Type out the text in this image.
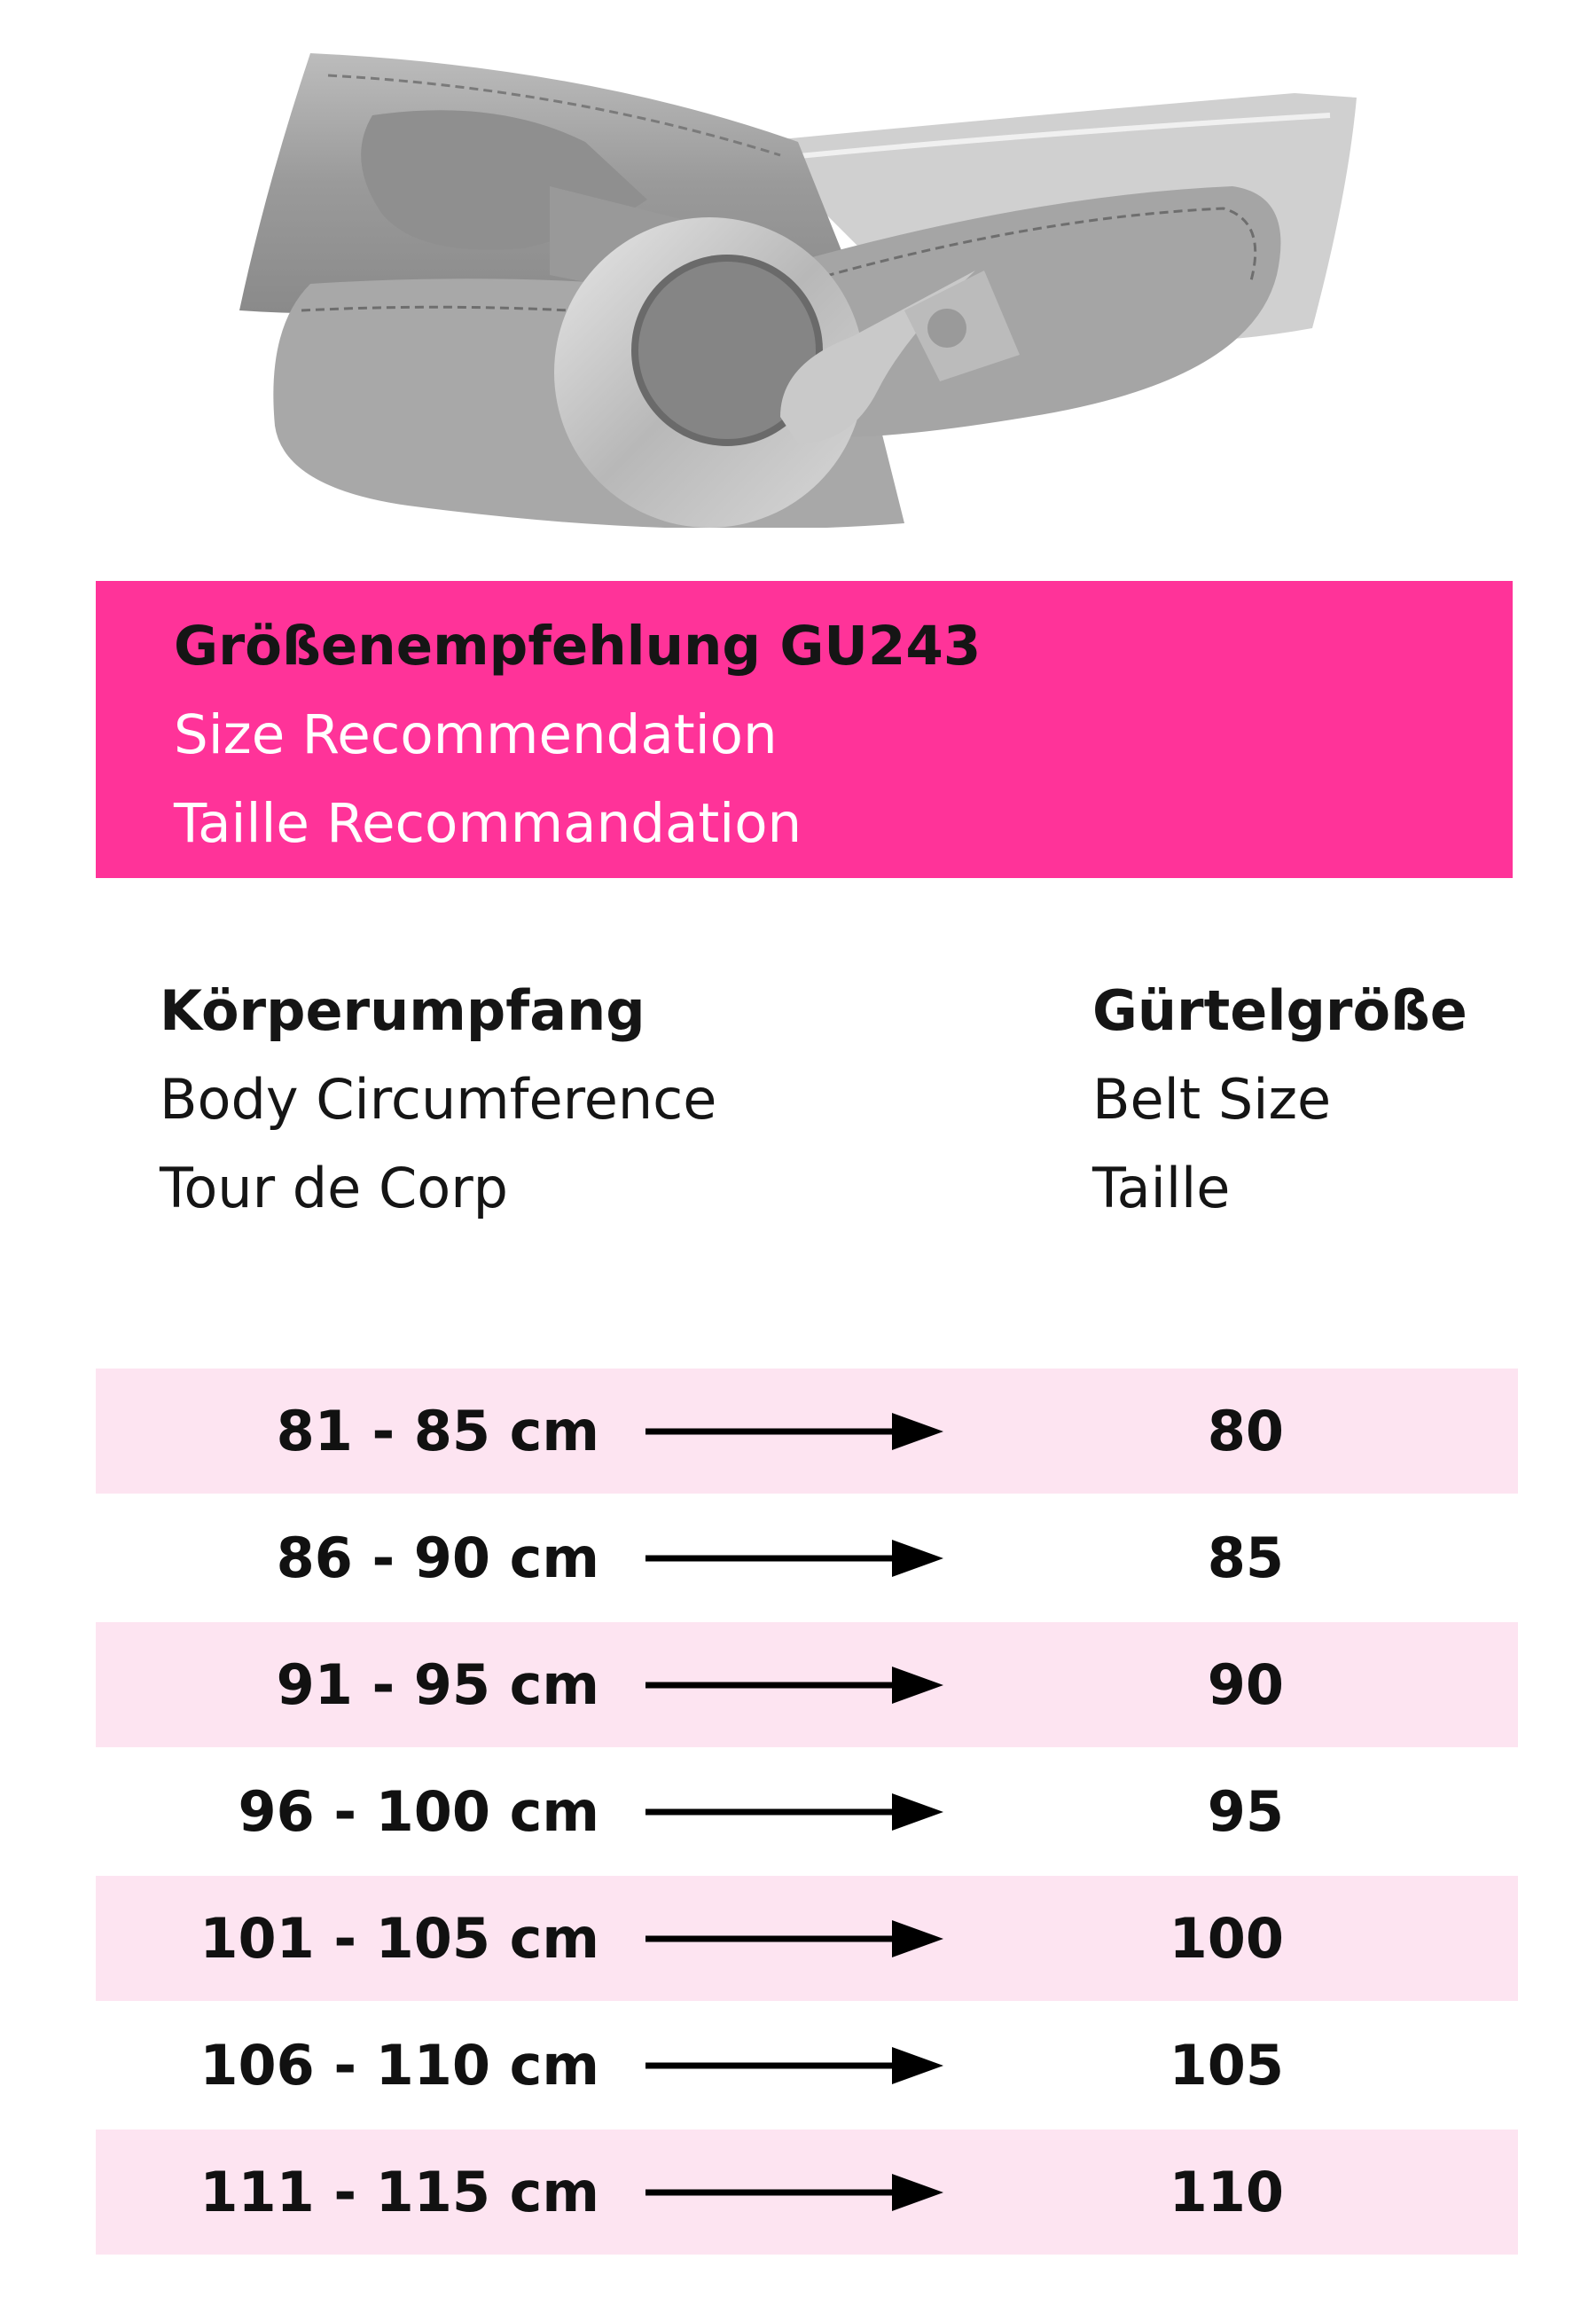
Größenempfehlung GU243
Size Recommendation
Taille Recommandation
Körperumpfang
Body Circumference
Tour de Corp
Gürtelgröße
Belt Size
Taille
81 - 85 cm	80
86 - 90 cm	85
91 - 95 cm	90
96 - 100 cm	95
101 - 105 cm	100
106 - 110 cm	105
111 - 115 cm	110
